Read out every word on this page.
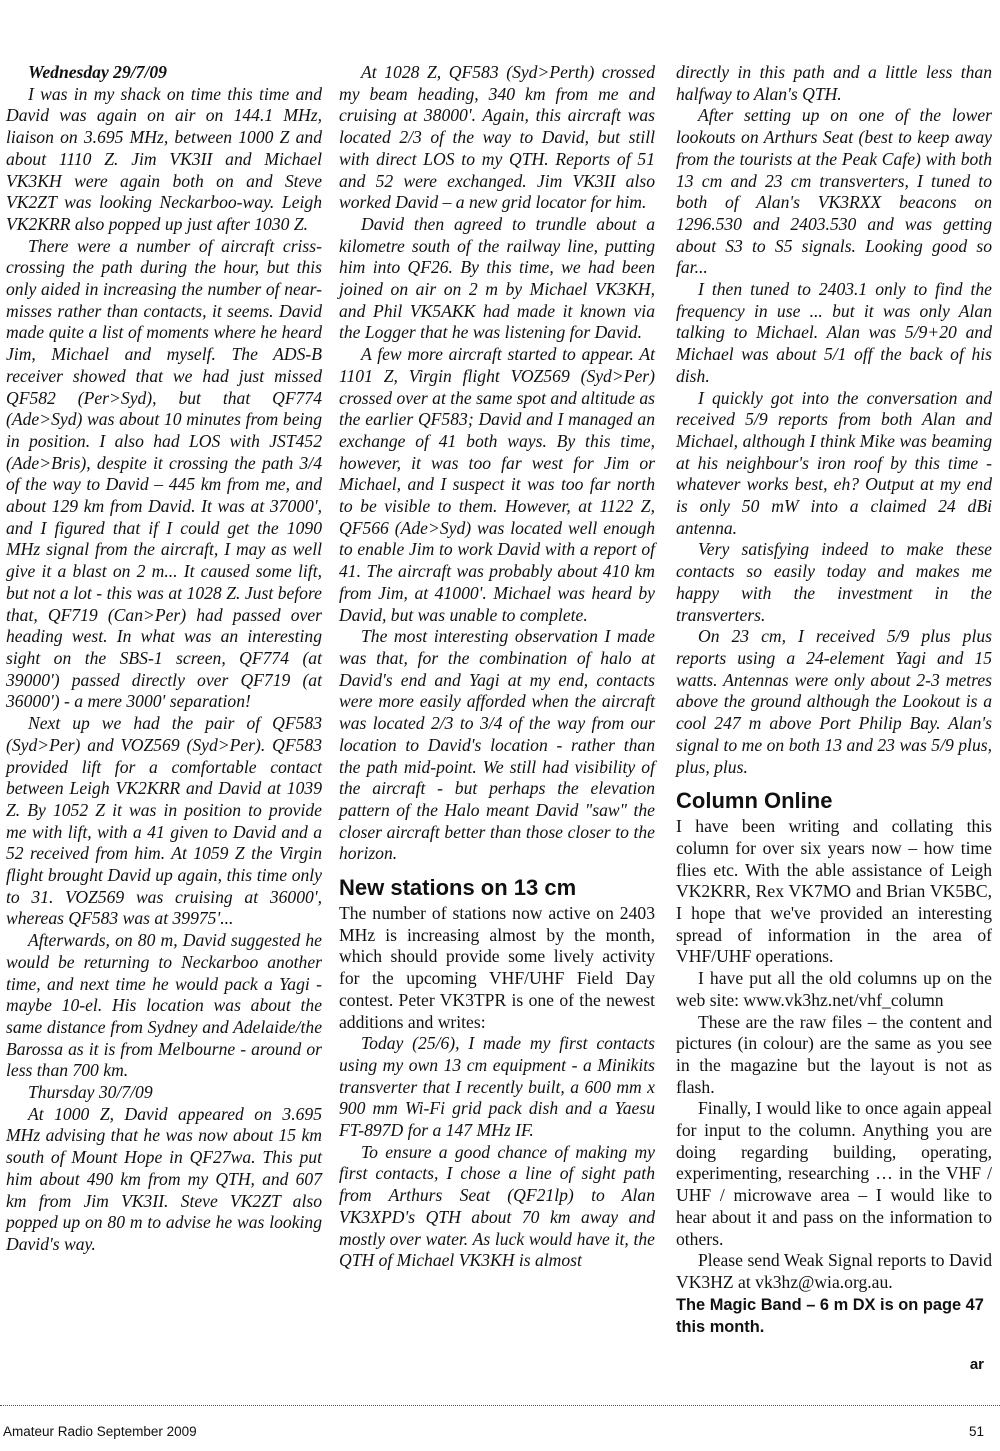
Wednesday 29/7/09

I was in my shack on time this time and David was again on air on 144.1 MHz, liaison on 3.695 MHz, between 1000 Z and about 1110 Z. Jim VK3II and Michael VK3KH were again both on and Steve VK2ZT was looking Neckarboo-way. Leigh VK2KRR also popped up just after 1030 Z.

There were a number of aircraft criss-crossing the path during the hour, but this only aided in increasing the number of near-misses rather than contacts, it seems. David made quite a list of moments where he heard Jim, Michael and myself. The ADS-B receiver showed that we had just missed QF582 (Per>Syd), but that QF774 (Ade>Syd) was about 10 minutes from being in position. I also had LOS with JST452 (Ade>Bris), despite it crossing the path 3/4 of the way to David – 445 km from me, and about 129 km from David. It was at 37000', and I figured that if I could get the 1090 MHz signal from the aircraft, I may as well give it a blast on 2 m... It caused some lift, but not a lot - this was at 1028 Z. Just before that, QF719 (Can>Per) had passed over heading west. In what was an interesting sight on the SBS-1 screen, QF774 (at 39000') passed directly over QF719 (at 36000') - a mere 3000' separation!

Next up we had the pair of QF583 (Syd>Per) and VOZ569 (Syd>Per). QF583 provided lift for a comfortable contact between Leigh VK2KRR and David at 1039 Z. By 1052 Z it was in position to provide me with lift, with a 41 given to David and a 52 received from him. At 1059 Z the Virgin flight brought David up again, this time only to 31. VOZ569 was cruising at 36000', whereas QF583 was at 39975'...

Afterwards, on 80 m, David suggested he would be returning to Neckarboo another time, and next time he would pack a Yagi - maybe 10-el. His location was about the same distance from Sydney and Adelaide/the Barossa as it is from Melbourne - around or less than 700 km.

Thursday 30/7/09

At 1000 Z, David appeared on 3.695 MHz advising that he was now about 15 km south of Mount Hope in QF27wa. This put him about 490 km from my QTH, and 607 km from Jim VK3II. Steve VK2ZT also popped up on 80 m to advise he was looking David's way.

At 1028 Z, QF583 (Syd>Perth) crossed my beam heading, 340 km from me and cruising at 38000'. Again, this aircraft was located 2/3 of the way to David, but still with direct LOS to my QTH. Reports of 51 and 52 were exchanged. Jim VK3II also worked David – a new grid locator for him.

David then agreed to trundle about a kilometre south of the railway line, putting him into QF26. By this time, we had been joined on air on 2 m by Michael VK3KH, and Phil VK5AKK had made it known via the Logger that he was listening for David.

A few more aircraft started to appear. At 1101 Z, Virgin flight VOZ569 (Syd>Per) crossed over at the same spot and altitude as the earlier QF583; David and I managed an exchange of 41 both ways. By this time, however, it was too far west for Jim or Michael, and I suspect it was too far north to be visible to them. However, at 1122 Z, QF566 (Ade>Syd) was located well enough to enable Jim to work David with a report of 41. The aircraft was probably about 410 km from Jim, at 41000'. Michael was heard by David, but was unable to complete.

The most interesting observation I made was that, for the combination of halo at David's end and Yagi at my end, contacts were more easily afforded when the aircraft was located 2/3 to 3/4 of the way from our location to David's location - rather than the path mid-point. We still had visibility of the aircraft - but perhaps the elevation pattern of the Halo meant David "saw" the closer aircraft better than those closer to the horizon.

New stations on 13 cm

The number of stations now active on 2403 MHz is increasing almost by the month, which should provide some lively activity for the upcoming VHF/UHF Field Day contest. Peter VK3TPR is one of the newest additions and writes:

Today (25/6), I made my first contacts using my own 13 cm equipment - a Minikits transverter that I recently built, a 600 mm x 900 mm Wi-Fi grid pack dish and a Yaesu FT-897D for a 147 MHz IF.

To ensure a good chance of making my first contacts, I chose a line of sight path from Arthurs Seat (QF21lp) to Alan VK3XPD's QTH about 70 km away and mostly over water. As luck would have it, the QTH of Michael VK3KH is almost

directly in this path and a little less than halfway to Alan's QTH.

After setting up on one of the lower lookouts on Arthurs Seat (best to keep away from the tourists at the Peak Cafe) with both 13 cm and 23 cm transverters, I tuned to both of Alan's VK3RXX beacons on 1296.530 and 2403.530 and was getting about S3 to S5 signals. Looking good so far...

I then tuned to 2403.1 only to find the frequency in use ... but it was only Alan talking to Michael. Alan was 5/9+20 and Michael was about 5/1 off the back of his dish.

I quickly got into the conversation and received 5/9 reports from both Alan and Michael, although I think Mike was beaming at his neighbour's iron roof by this time - whatever works best, eh? Output at my end is only 50 mW into a claimed 24 dBi antenna.

Very satisfying indeed to make these contacts so easily today and makes me happy with the investment in the transverters.

On 23 cm, I received 5/9 plus plus reports using a 24-element Yagi and 15 watts. Antennas were only about 2-3 metres above the ground although the Lookout is a cool 247 m above Port Philip Bay. Alan's signal to me on both 13 and 23 was 5/9 plus, plus, plus.

Column Online

I have been writing and collating this column for over six years now – how time flies etc. With the able assistance of Leigh VK2KRR, Rex VK7MO and Brian VK5BC, I hope that we've provided an interesting spread of information in the area of VHF/UHF operations.

I have put all the old columns up on the web site: www.vk3hz.net/vhf_column

These are the raw files – the content and pictures (in colour) are the same as you see in the magazine but the layout is not as flash.

Finally, I would like to once again appeal for input to the column. Anything you are doing regarding building, operating, experimenting, researching … in the VHF / UHF / microwave area – I would like to hear about it and pass on the information to others.

Please send Weak Signal reports to David VK3HZ at vk3hz@wia.org.au.

The Magic Band – 6 m DX is on page 47 this month.

ar
Amateur Radio September 2009	51
